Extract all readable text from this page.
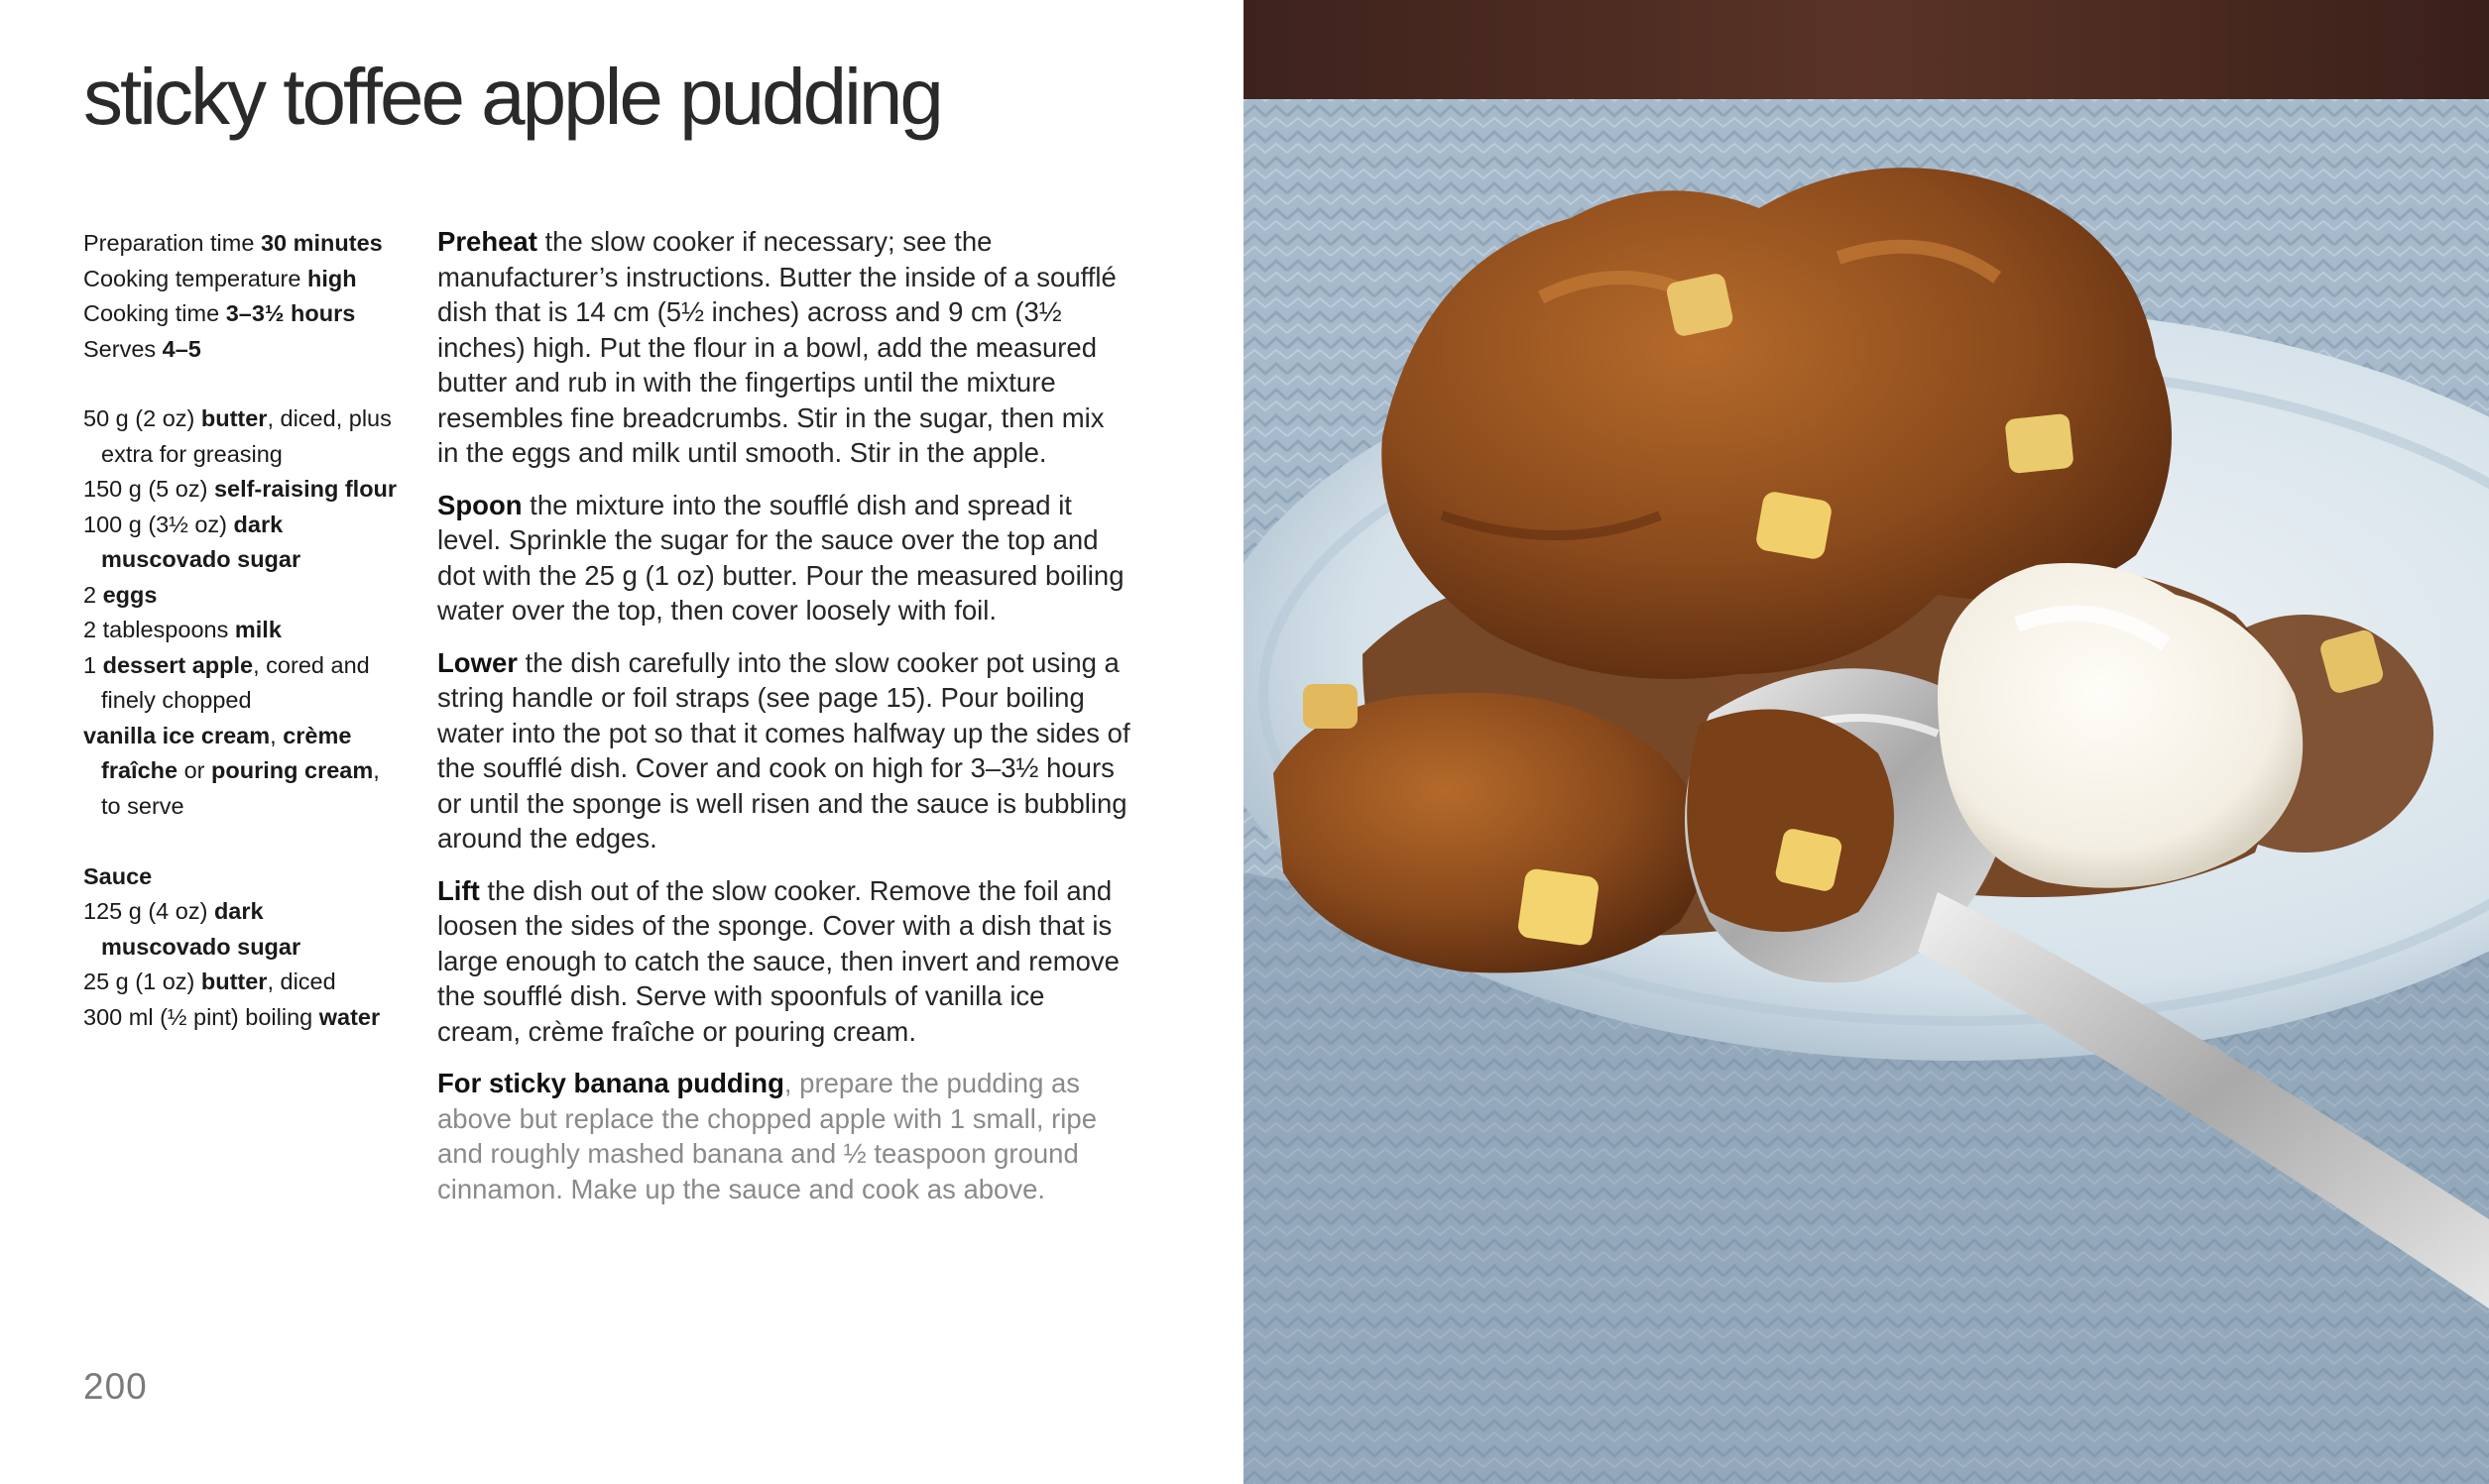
sticky toffee apple pudding
Preparation time 30 minutes
Cooking temperature high
Cooking time 3–3½ hours
Serves 4–5
50 g (2 oz) butter, diced, plus
extra for greasing
150 g (5 oz) self-raising flour
100 g (3½ oz) dark
muscovado sugar
2 eggs
2 tablespoons milk
1 dessert apple, cored and
finely chopped
vanilla ice cream, crème
fraîche or pouring cream,
to serve
Sauce
125 g (4 oz) dark
muscovado sugar
25 g (1 oz) butter, diced
300 ml (½ pint) boiling water

Preheat the slow cooker if necessary; see the manufacturer’s instructions. Butter the inside of a soufflé dish that is 14 cm (5½ inches) across and 9 cm (3½ inches) high. Put the flour in a bowl, add the measured butter and rub in with the fingertips until the mixture resembles fine breadcrumbs. Stir in the sugar, then mix in the eggs and milk until smooth. Stir in the apple.

Spoon the mixture into the soufflé dish and spread it level. Sprinkle the sugar for the sauce over the top and dot with the 25 g (1 oz) butter. Pour the measured boiling water over the top, then cover loosely with foil.

Lower the dish carefully into the slow cooker pot using a string handle or foil straps (see page 15). Pour boiling water into the pot so that it comes halfway up the sides of the soufflé dish. Cover and cook on high for 3–3½ hours or until the sponge is well risen and the sauce is bubbling around the edges.

Lift the dish out of the slow cooker. Remove the foil and loosen the sides of the sponge. Cover with a dish that is large enough to catch the sauce, then invert and remove the soufflé dish. Serve with spoonfuls of vanilla ice cream, crème fraîche or pouring cream.

For sticky banana pudding, prepare the pudding as above but replace the chopped apple with 1 small, ripe and roughly mashed banana and ½ teaspoon ground cinnamon. Make up the sauce and cook as above.

200
